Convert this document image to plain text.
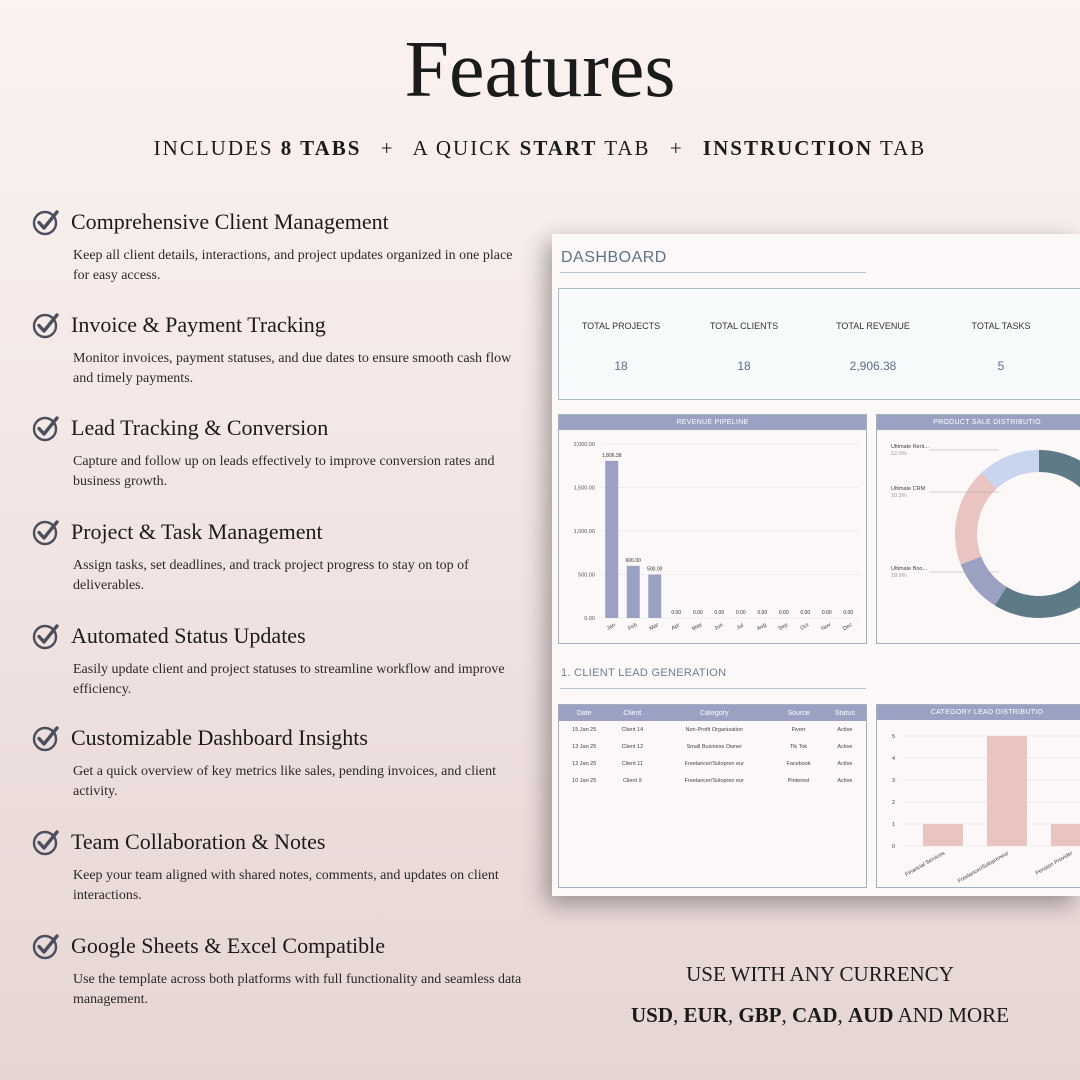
Features
INCLUDES 8 TABS + A QUICK START TAB + INSTRUCTION TAB
Comprehensive Client Management
Keep all client details, interactions, and project updates organized in one place for easy access.
Invoice & Payment Tracking
Monitor invoices, payment statuses, and due dates to ensure smooth cash flow and timely payments.
Lead Tracking & Conversion
Capture and follow up on leads effectively to improve conversion rates and business growth.
Project & Task Management
Assign tasks, set deadlines, and track project progress to stay on top of deliverables.
Automated Status Updates
Easily update client and project statuses to streamline workflow and improve efficiency.
Customizable Dashboard Insights
Get a quick overview of key metrics like sales, pending invoices, and client activity.
Team Collaboration & Notes
Keep your team aligned with shared notes, comments, and updates on client interactions.
Google Sheets & Excel Compatible
Use the template across both platforms with full functionality and seamless data management.
USE WITH ANY CURRENCY
USD, EUR, GBP, CAD, AUD AND MORE
DASHBOARD
TOTAL PROJECTS
18
TOTAL CLIENTS
18
TOTAL REVENUE
2,906.38
TOTAL TASKS
5
REVENUE PIPELINE
0.00
500.00
1,000.00
1,500.00
2,000.00
1,806.38
Jan
600.00
Feb
500.00
Mar
0.00
Apr
0.00
May
0.00
Jun
0.00
Jul
0.00
Aug
0.00
Sep
0.00
Oct
0.00
Nov
0.00
Dec
PRODUCT SALE DISTRIBUTIO
Ultimate Rent...
12.0%
Ultimate CRM
10.3%
Ultimate Boo...
18.9%
1. CLIENT LEAD GENERATION
Date	Client	Category	Source	Status
15 Jan 25	Client 14	Non-Profit Organisation	Fiverr	Active
13 Jan 25	Client 12	Small Business Owner	Tik Tok	Active
12 Jan 25	Client 11	Freelancer/Solopren eur	Facebook	Active
10 Jan 25	Client 9	Freelancer/Solopren eur	Pinterest	Active
CATEGORY LEAD DISTRIBUTIO
0
1
2
3
4
5
Financial Services Freelancer/Solopreneur	Pension Provider
